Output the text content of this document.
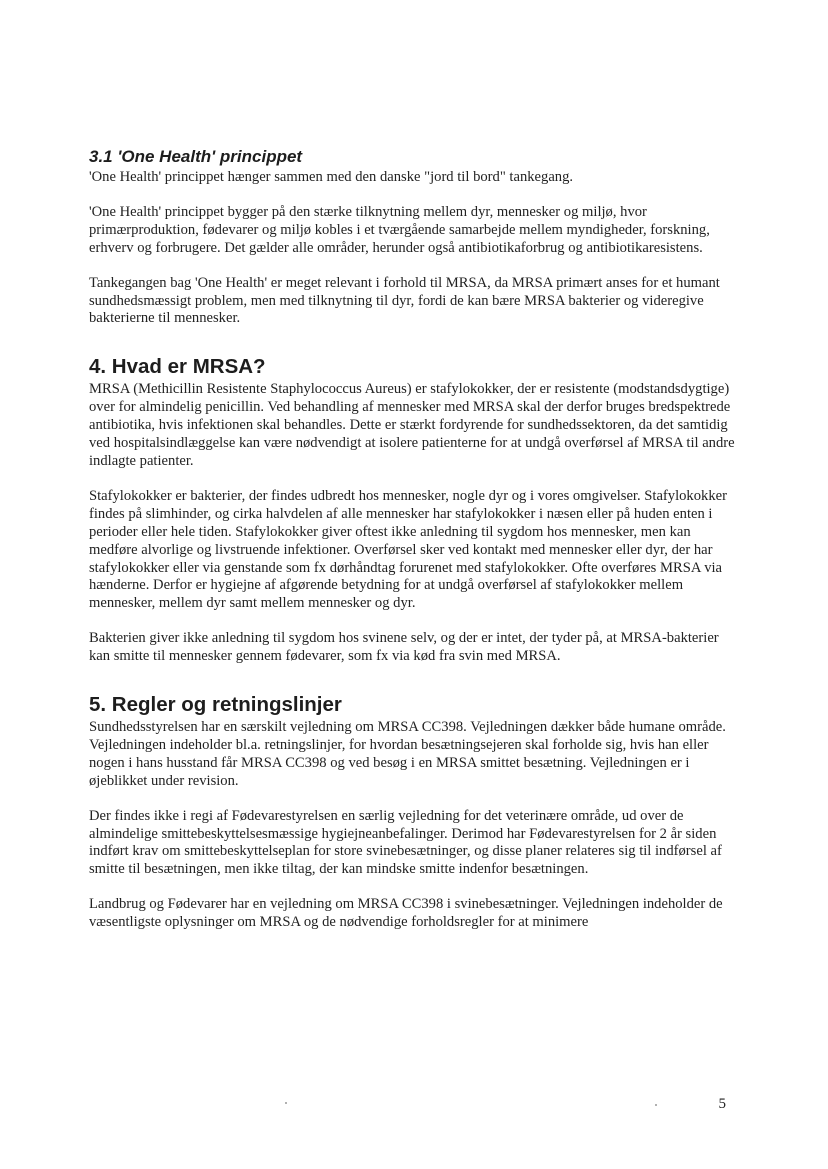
3.1 'One Health' princippet

'One Health' princippet hænger sammen med den danske "jord til bord" tankegang.

'One Health' princippet bygger på den stærke tilknytning mellem dyr, mennesker og miljø, hvor primærproduktion, fødevarer og miljø kobles i et tværgående samarbejde mellem myndigheder, forskning, erhverv og forbrugere. Det gælder alle områder, herunder også antibiotikaforbrug og antibiotikaresistens.

Tankegangen bag 'One Health' er meget relevant i forhold til MRSA, da MRSA primært anses for et humant sundhedsmæssigt problem, men med tilknytning til dyr, fordi de kan bære MRSA bakterier og videregive bakterierne til mennesker.

4. Hvad er MRSA?

MRSA (Methicillin Resistente Staphylococcus Aureus) er stafylokokker, der er resistente (modstandsdygtige) over for almindelig penicillin. Ved behandling af mennesker med MRSA skal der derfor bruges bredspektrede antibiotika, hvis infektionen skal behandles. Dette er stærkt fordyrende for sundhedssektoren, da det samtidig ved hospitalsindlæggelse kan være nødvendigt at isolere patienterne for at undgå overførsel af MRSA til andre indlagte patienter.

Stafylokokker er bakterier, der findes udbredt hos mennesker, nogle dyr og i vores omgivelser. Stafylokokker findes på slimhinder, og cirka halvdelen af alle mennesker har stafylokokker i næsen eller på huden enten i perioder eller hele tiden. Stafylokokker giver oftest ikke anledning til sygdom hos mennesker, men kan medføre alvorlige og livstruende infektioner. Overførsel sker ved kontakt med mennesker eller dyr, der har stafylokokker eller via genstande som fx dørhåndtag forurenet med stafylokokker. Ofte overføres MRSA via hænderne. Derfor er hygiejne af afgørende betydning for at undgå overførsel af stafylokokker mellem mennesker, mellem dyr samt mellem mennesker og dyr.

Bakterien giver ikke anledning til sygdom hos svinene selv, og der er intet, der tyder på, at MRSA-bakterier kan smitte til mennesker gennem fødevarer, som fx via kød fra svin med MRSA.

5. Regler og retningslinjer

Sundhedsstyrelsen har en særskilt vejledning om MRSA CC398. Vejledningen dækker både humane område. Vejledningen indeholder bl.a. retningslinjer, for hvordan besætningsejeren skal forholde sig, hvis han eller nogen i hans husstand får MRSA CC398 og ved besøg i en MRSA smittet besætning. Vejledningen er i øjeblikket under revision.

Der findes ikke i regi af Fødevarestyrelsen en særlig vejledning for det veterinære område, ud over de almindelige smittebeskyttelsesmæssige hygiejneanbefalinger. Derimod har Fødevarestyrelsen for 2 år siden indført krav om smittebeskyttelseplan for store svinebesætninger, og disse planer relateres sig til indførsel af smitte til besætningen, men ikke tiltag, der kan mindske smitte indenfor besætningen.

Landbrug og Fødevarer har en vejledning om MRSA CC398 i svinebesætninger. Vejledningen indeholder de væsentligste oplysninger om MRSA og de nødvendige forholdsregler for at minimere

5
